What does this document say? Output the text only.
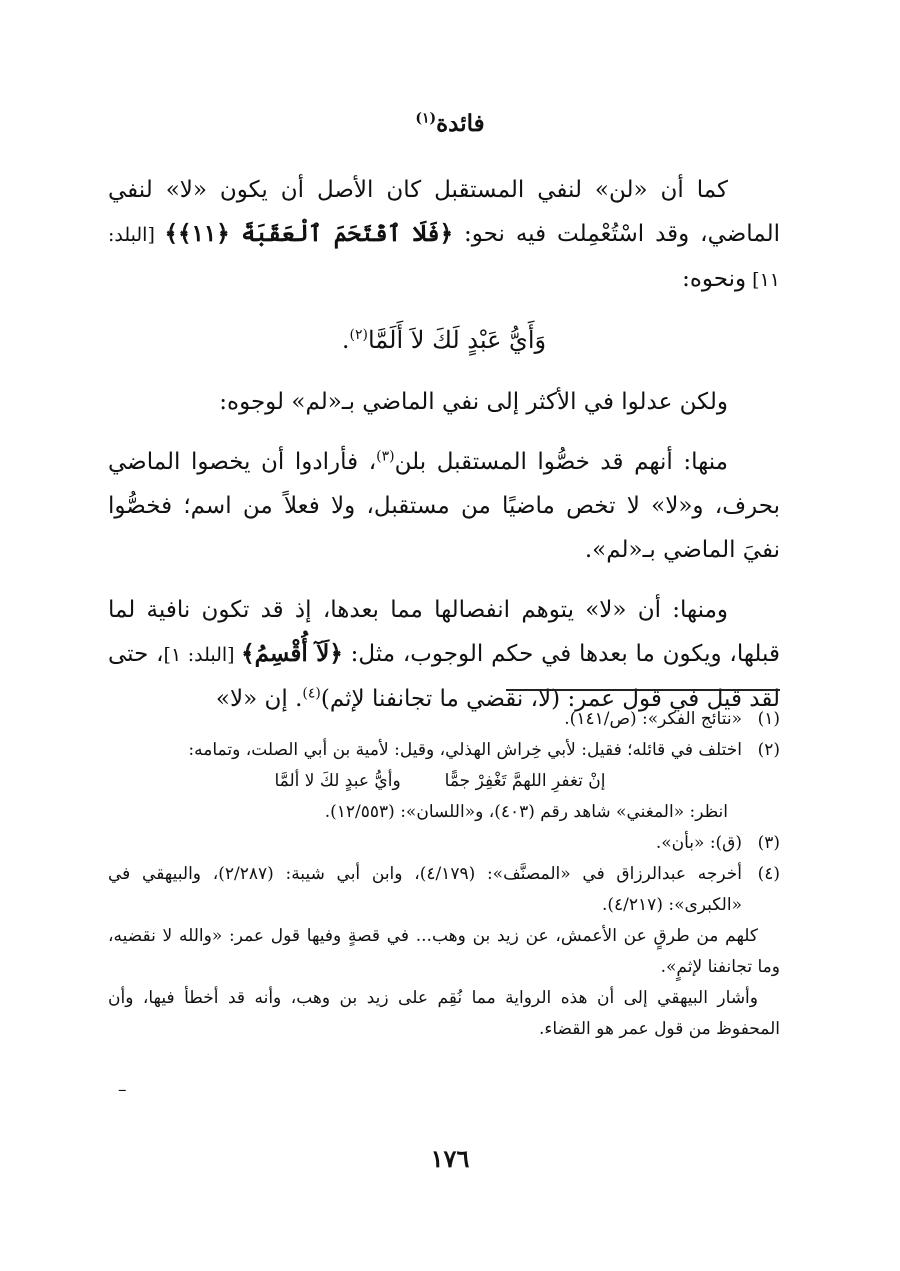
فائدة$^{(١)}$

كما أن «لن» لنفي المستقبل كان الأصل أن يكون «لا» لنفي الماضي، وقد اسْتُعْمِلت فيه نحو: ﴿فَلَا ٱقْتَحَمَ ٱلْعَقَبَةَ ﴿١١﴾﴾ [البلد: ١١] ونحوه:

وَأَيُّ عَبْدٍ لَكَ لاَ أَلَمَّا$^{(٢)}$.

ولكن عدلوا في الأكثر إلى نفي الماضي بـ«لم» لوجوه:

منها: أنهم قد خصُّوا المستقبل بلن$^{(٣)}$، فأرادوا أن يخصوا الماضي بحرف، و«لا» لا تخص ماضيًا من مستقبل، ولا فعلاً من اسم؛ فخصُّوا نفيَ الماضي بـ«لم».

ومنها: أن «لا» يتوهم انفصالها مما بعدها، إذ قد تكون نافية لما قبلها، ويكون ما بعدها في حكم الوجوب، مثل: ﴿لَآ أُقْسِمُ﴾ [البلد: ١]، حتى لقد قيل في قول عمر: (لا، نقضي ما تجانفنا لإثم)$^{(٤)}$. إن «لا»

(١)
«نتائج الفكر»: (ص/١٤١).
(٢)

اختلف في قائله؛ فقيل: لأبي خِراش الهذلي، وقيل: لأمية بن أبي الصلت، وتمامه:

إنْ تغفرِ اللهمَّ تَغْفِرْ جمًّا
وأيُّ عبدٍ لكَ لا ألمَّا

انظر: «المغني» شاهد رقم (٤٠٣)، و«اللسان»: (١٢/٥٥٣).

(٣)
(ق): «بأن».
(٤)
أخرجه عبدالرزاق في «المصنَّف»: (٤/١٧٩)، وابن أبي شيبة: (٢/٢٨٧)، والبيهقي في «الكبرى»: (٤/٢١٧).

كلهم من طرقٍ عن الأعمش، عن زيد بن وهب... في قصةٍ وفيها قول عمر: «والله لا نقضيه، وما تجانفنا لإثمٍ».

وأشار البيهقي إلى أن هذه الرواية مما نُقِم على زيد بن وهب، وأنه قد أخطأ فيها، وأن المحفوظ من قول عمر هو القضاء.

–
١٧٦
